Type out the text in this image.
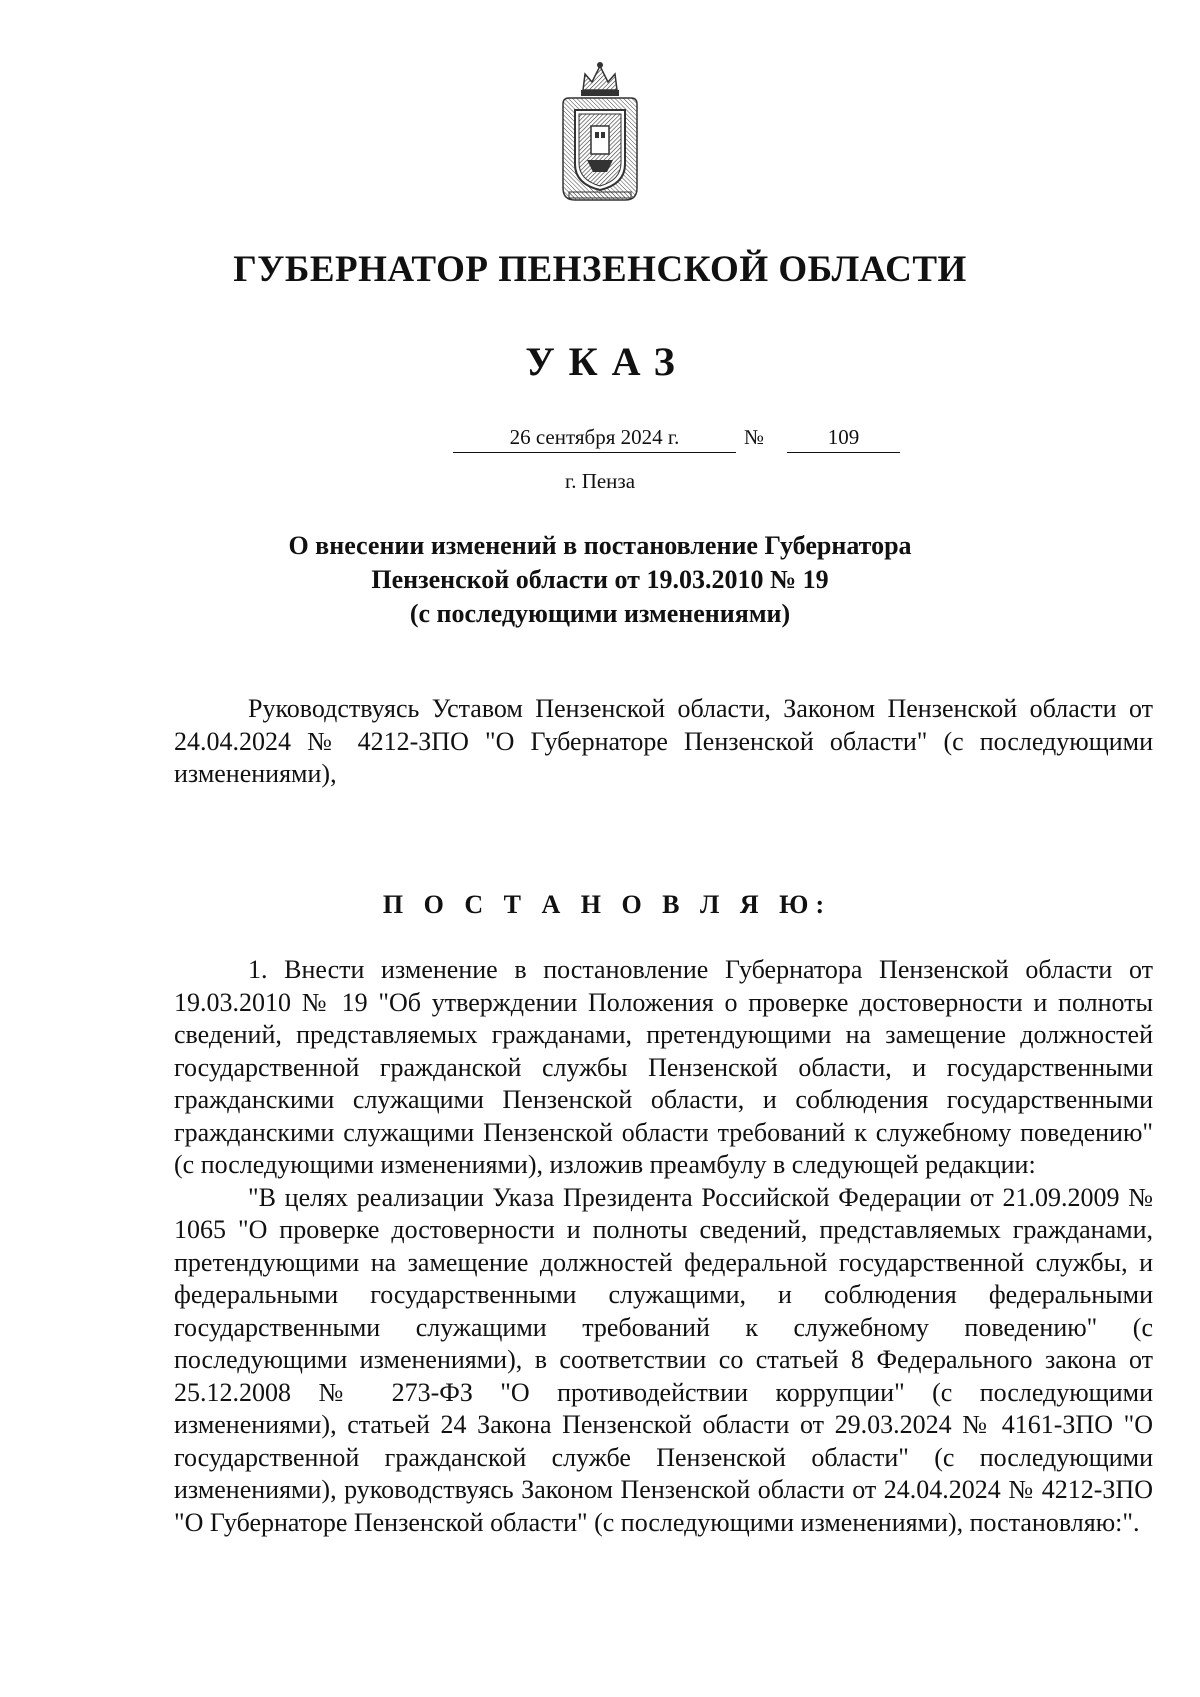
ГУБЕРНАТОР ПЕНЗЕНСКОЙ ОБЛАСТИ
УКАЗ
26 сентября 2024 г.	№	109
г. Пенза
О внесении изменений в постановление Губернатора
Пензенской области от 19.03.2010 № 19
(с последующими изменениями)

Руководствуясь Уставом Пензенской области, Законом Пензенской области от 24.04.2024 № 4212-ЗПО "О Губернаторе Пензенской области" (с последующими изменениями),

П О С Т А Н О В Л Я Ю:

1. Внести изменение в постановление Губернатора Пензенской области от 19.03.2010 № 19 "Об утверждении Положения о проверке достоверности и полноты сведений, представляемых гражданами, претендующими на замещение должностей государственной гражданской службы Пензенской области, и государственными гражданскими служащими Пензенской области, и соблюдения государственными гражданскими служащими Пензенской области требований к служебному поведению" (с последующими изменениями), изложив преамбулу в следующей редакции:

"В целях реализации Указа Президента Российской Федерации от 21.09.2009 № 1065 "О проверке достоверности и полноты сведений, представляемых гражданами, претендующими на замещение должностей федеральной государственной службы, и федеральными государственными служащими, и соблюдения федеральными государственными служащими требований к служебному поведению" (с последующими изменениями), в соответствии со статьей 8 Федерального закона от 25.12.2008 № 273-ФЗ "О противодействии коррупции" (с последующими изменениями), статьей 24 Закона Пензенской области от 29.03.2024 № 4161-ЗПО "О государственной гражданской службе Пензенской области" (с последующими изменениями), руководствуясь Законом Пензенской области от 24.04.2024 № 4212-ЗПО "О Губернаторе Пензенской области" (с последующими изменениями), постановляю:".
